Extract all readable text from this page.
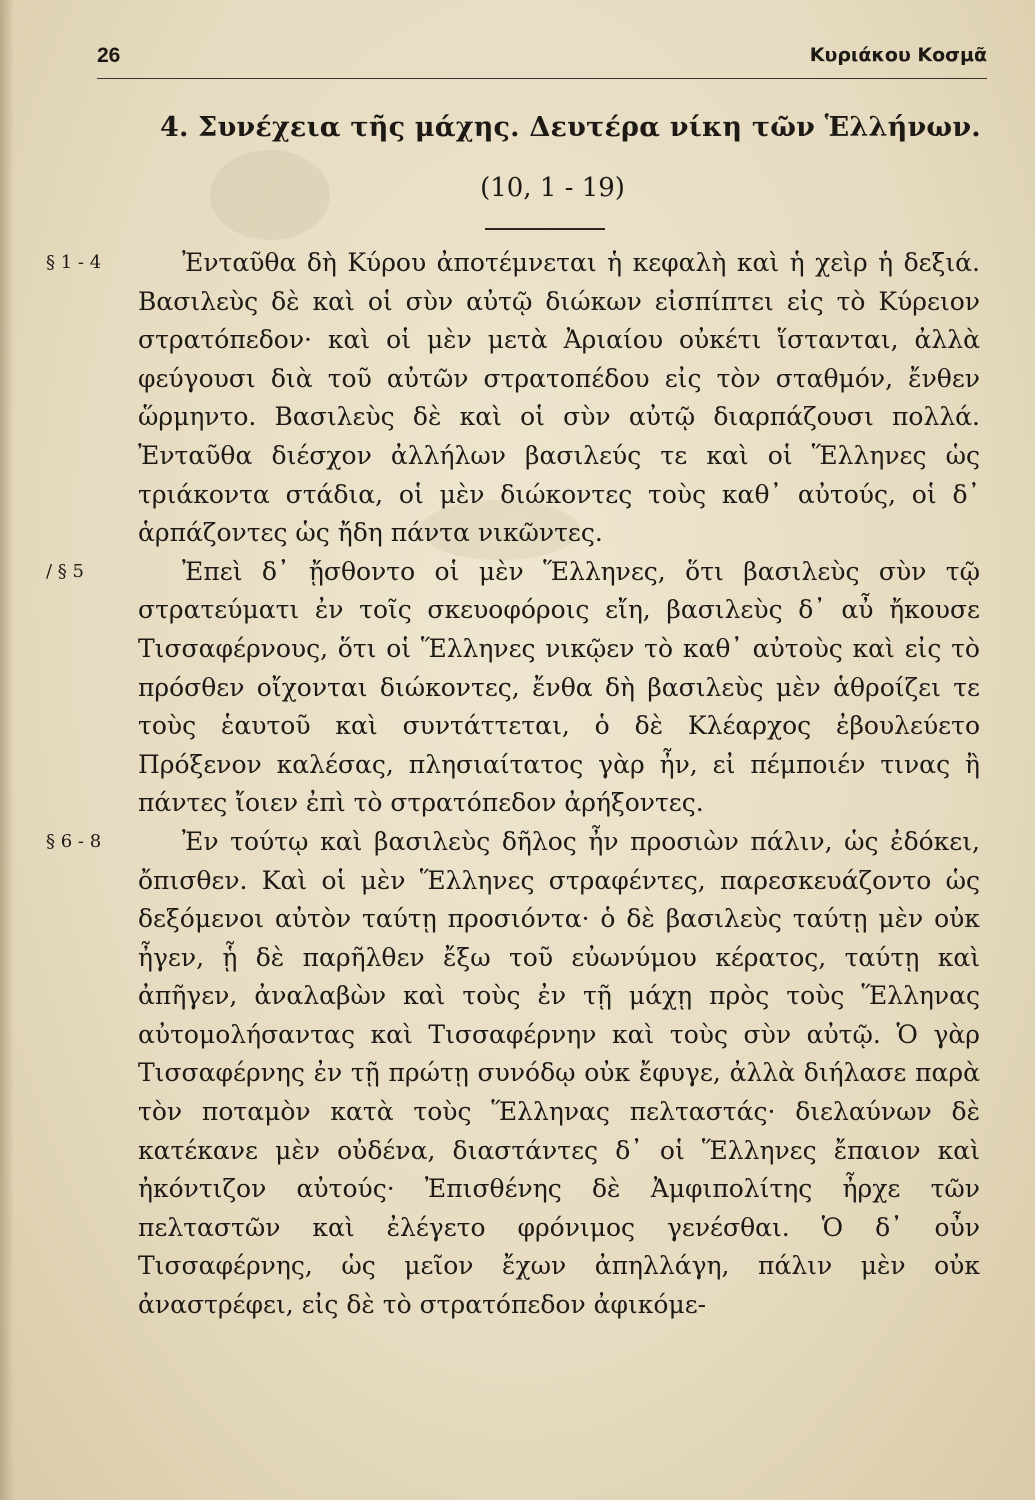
26	Κυριάκου Κοσμᾶ
4. Συνέχεια τῆς μάχης. Δευτέρα νίκη τῶν Ἑλλήνων.
(10, 1 - 19)

§ 1 - 4	Ἐνταῦθα δὴ Κύρου ἀποτέμνεται ἡ κεφαλὴ καὶ ἡ χεὶρ ἡ δεξιά. Βασιλεὺς δὲ καὶ οἱ σὺν αὐτῷ διώκων εἰσπίπτει εἰς τὸ Κύρειον στρατόπεδον· καὶ οἱ μὲν μετὰ Ἀριαίου οὐκέτι ἵστανται, ἀλλὰ φεύγουσι διὰ τοῦ αὐτῶν στρατοπέδου εἰς τὸν σταθμόν, ἔνθεν ὥρμηντο. Βασιλεὺς δὲ καὶ οἱ σὺν αὐτῷ διαρπάζουσι πολλά. Ἐνταῦθα διέσχον ἀλλήλων βασιλεύς τε καὶ οἱ Ἕλληνες ὡς τριάκοντα στάδια, οἱ μὲν διώκοντες τοὺς καθ᾽ αὐτούς, οἱ δ᾽ ἁρπάζοντες ὡς ἤδη πάντα νικῶντες.

/ § 5	Ἐπεὶ δ᾽ ᾔσθοντο οἱ μὲν Ἕλληνες, ὅτι βασιλεὺς σὺν τῷ στρατεύματι ἐν τοῖς σκευοφόροις εἴη, βασιλεὺς δ᾽ αὖ ἤκουσε Τισσαφέρνους, ὅτι οἱ Ἕλληνες νικῷεν τὸ καθ᾽ αὐτοὺς καὶ εἰς τὸ πρόσθεν οἴχονται διώκοντες, ἔνθα δὴ βασιλεὺς μὲν ἁθροίζει τε τοὺς ἑαυτοῦ καὶ συντάττεται, ὁ δὲ Κλέαρχος ἐβουλεύετο Πρόξενον καλέσας, πλησιαίτατος γὰρ ἦν, εἰ πέμποιέν τινας ἢ πάντες ἴοιεν ἐπὶ τὸ στρατόπεδον ἀρήξοντες.

§ 6 - 8	Ἐν τούτῳ καὶ βασιλεὺς δῆλος ἦν προσιὼν πάλιν, ὡς ἐδόκει, ὄπισθεν. Καὶ οἱ μὲν Ἕλληνες στραφέντες, παρεσκευάζοντο ὡς δεξόμενοι αὐτὸν ταύτῃ προσιόντα· ὁ δὲ βασιλεὺς ταύτῃ μὲν οὐκ ἦγεν, ᾗ δὲ παρῆλθεν ἔξω τοῦ εὐωνύμου κέρατος, ταύτῃ καὶ ἀπῆγεν, ἀναλαβὼν καὶ τοὺς ἐν τῇ μάχῃ πρὸς τοὺς Ἕλληνας αὐτομολήσαντας καὶ Τισσαφέρνην καὶ τοὺς σὺν αὐτῷ. Ὁ γὰρ Τισσαφέρνης ἐν τῇ πρώτῃ συνόδῳ οὐκ ἔφυγε, ἀλλὰ διήλασε παρὰ τὸν ποταμὸν κατὰ τοὺς Ἕλληνας πελταστάς· διελαύνων δὲ κατέκανε μὲν οὐδένα, διαστάντες δ᾽ οἱ Ἕλληνες ἔπαιον καὶ ἠκόντιζον αὐτούς· Ἐπισθένης δὲ Ἀμφιπολίτης ἦρχε τῶν πελταστῶν καὶ ἐλέγετο φρόνιμος γενέσθαι. Ὁ δ᾽ οὖν Τισσαφέρνης, ὡς μεῖον ἔχων ἀπηλλάγη, πάλιν μὲν οὐκ ἀναστρέφει, εἰς δὲ τὸ στρατόπεδον ἀφικόμε-
